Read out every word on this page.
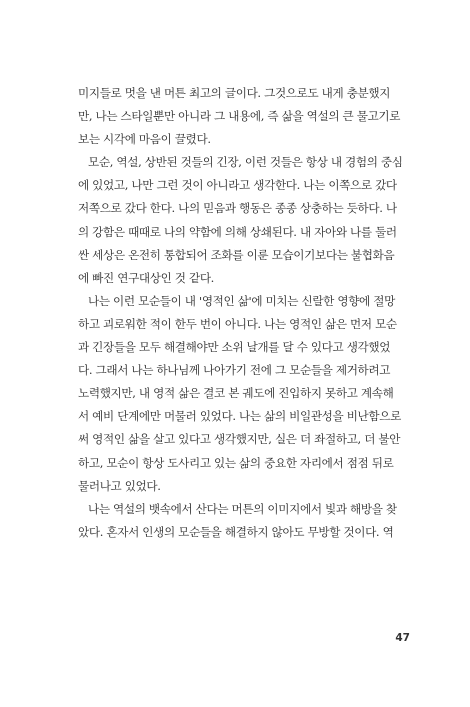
미지들로 멋을 낸 머튼 최고의 글이다. 그것으로도 내게 충분했지
만, 나는 스타일뿐만 아니라 그 내용에, 즉 삶을 역설의 큰 물고기로
보는 시각에 마음이 끌렸다.
모순, 역설, 상반된 것들의 긴장, 이런 것들은 항상 내 경험의 중심
에 있었고, 나만 그런 것이 아니라고 생각한다. 나는 이쪽으로 갔다
저쪽으로 갔다 한다. 나의 믿음과 행동은 종종 상충하는 듯하다. 나
의 강함은 때때로 나의 약함에 의해 상쇄된다. 내 자아와 나를 둘러
싼 세상은 온전히 통합되어 조화를 이룬 모습이기보다는 불협화음
에 빠진 연구대상인 것 같다.
나는 이런 모순들이 내 '영적인 삶'에 미치는 신랄한 영향에 절망
하고 괴로워한 적이 한두 번이 아니다. 나는 영적인 삶은 먼저 모순
과 긴장들을 모두 해결해야만 소위 날개를 달 수 있다고 생각했었
다. 그래서 나는 하나님께 나아가기 전에 그 모순들을 제거하려고
노력했지만, 내 영적 삶은 결코 본 궤도에 진입하지 못하고 계속해
서 예비 단계에만 머물러 있었다. 나는 삶의 비일관성을 비난함으로
써 영적인 삶을 살고 있다고 생각했지만, 실은 더 좌절하고, 더 불안
하고, 모순이 항상 도사리고 있는 삶의 중요한 자리에서 점점 뒤로
물러나고 있었다.
나는 역설의 뱃속에서 산다는 머튼의 이미지에서 빛과 해방을 찾
았다. 혼자서 인생의 모순들을 해결하지 않아도 무방할 것이다. 역
47
